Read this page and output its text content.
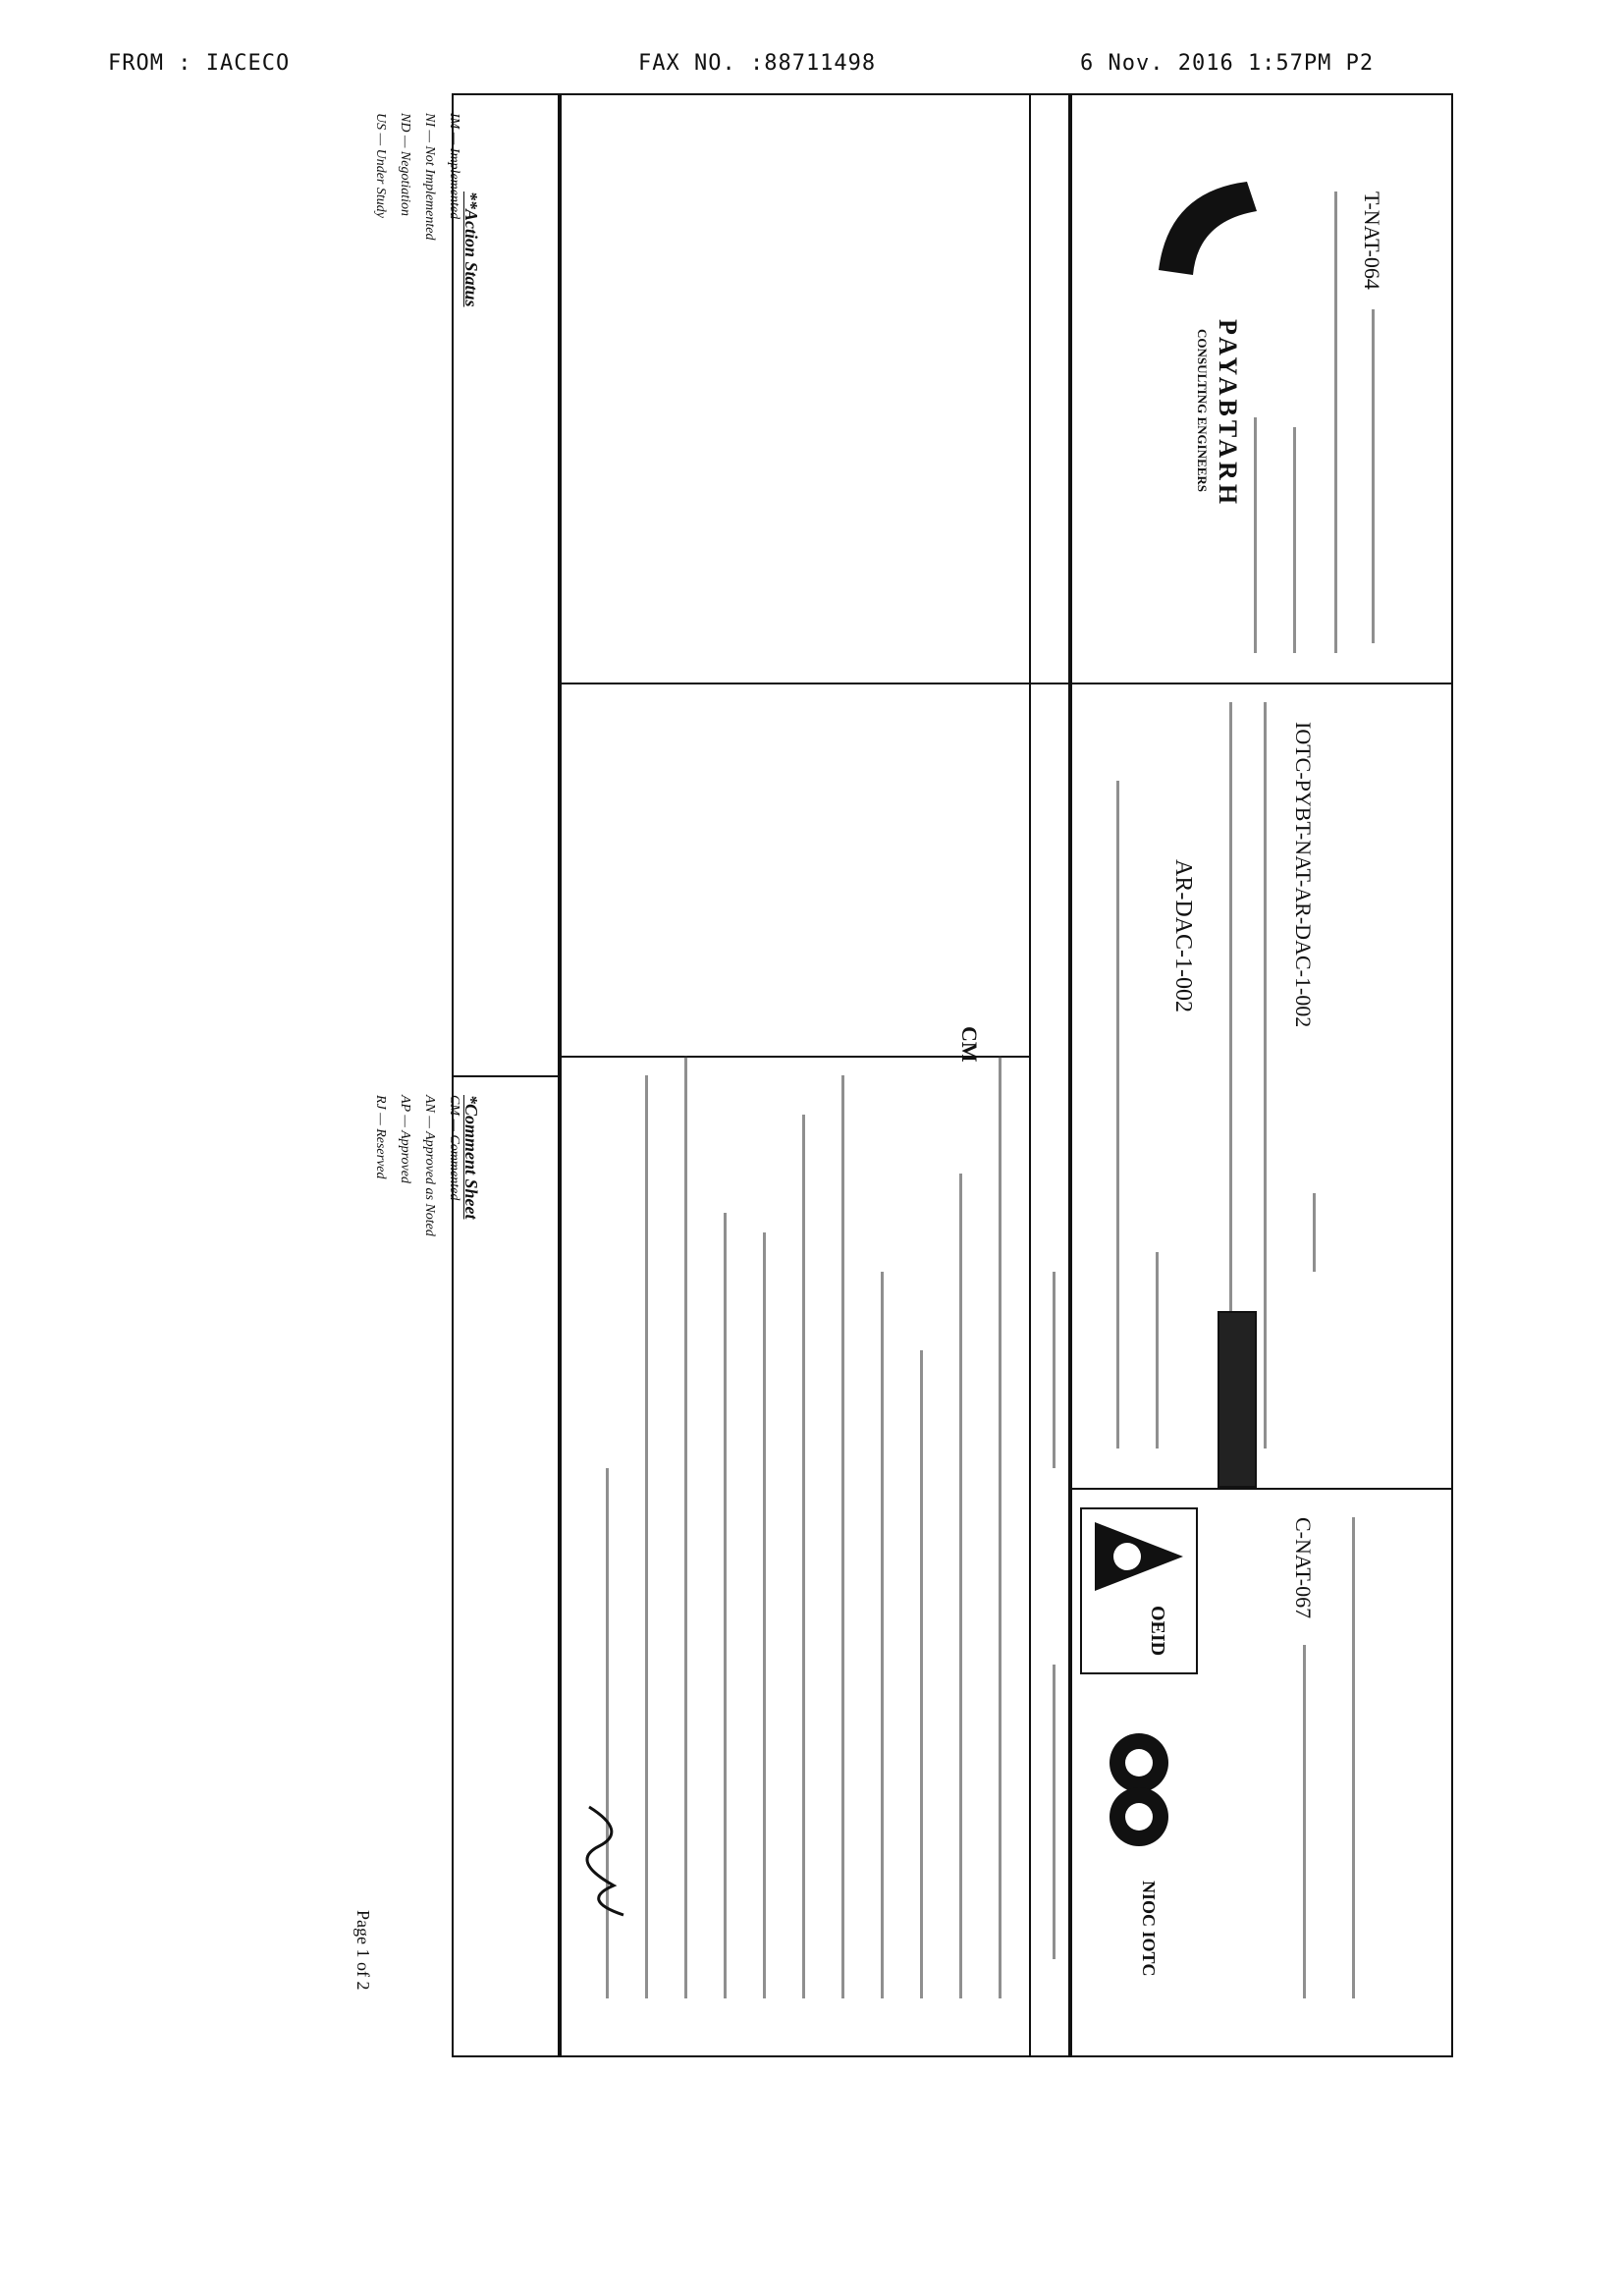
FROM : IACECO	FAX NO. :88711498	6 Nov. 2016 1:57PM P2
PAYABTARH
CONSULTING ENGINEERS
T-NAT-064
AR-DAC-1-002	IOTC-PYBT-NAT-AR-DAC-1-002
OEID
NIOC IOTC
C-NAT-067
CM
**Action Status
IM — Implemented
NI — Not Implemented
ND — Negotiation
US — Under Study
*Comment Sheet
CM — Commented
AN — Approved as Noted
AP — Approved
RJ — Reserved
Page 1 of 2
